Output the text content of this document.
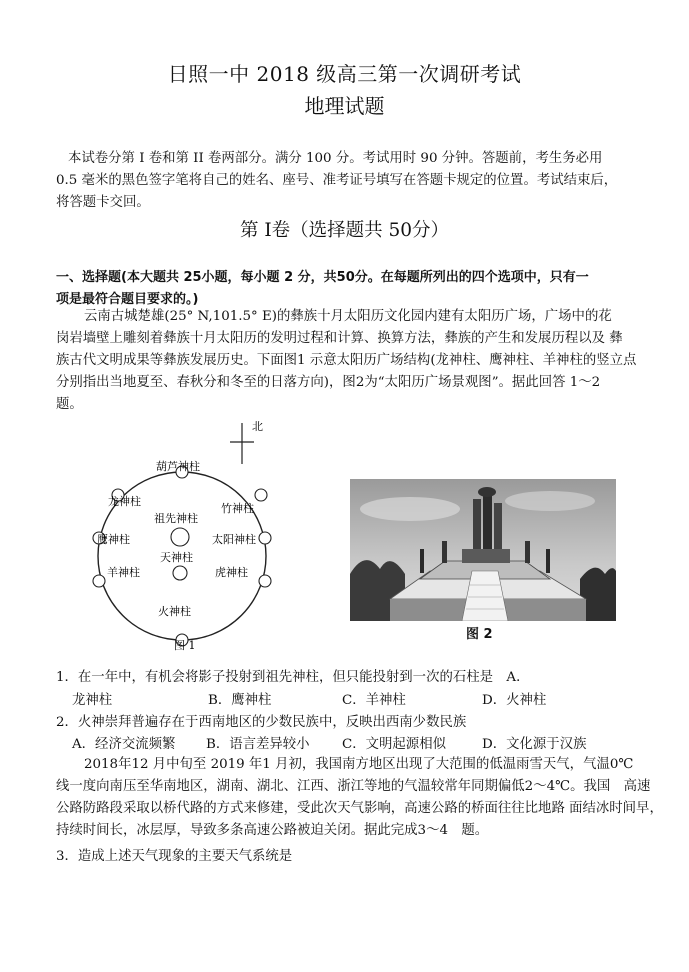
日照一中 2018 级高三第一次调研考试
地理试题
本试卷分第 I 卷和第 II 卷两部分。满分 100 分。考试用时 90 分钟。答题前，考生务必用
0.5 毫米的黑色签字笔将自己的姓名、座号、准考证号填写在答题卡规定的位置。考试结束后，
将答题卡交回。
第 I卷（选择题共 50分）
一、选择题(本大题共 25小题，每小题 2 分，共50分。在每题所列出的四个选项中，只有一
项是最符合题目要求的。)
云南古城楚雄(25° N,101.5° E)的彝族十月太阳历文化园内建有太阳历广场，广场中的花
岗岩墙壁上雕刻着彝族十月太阳历的发明过程和计算、换算方法，彝族的产生和发展历程以及 彝
族古代文明成果等彝族发展历史。下面图1 示意太阳历广场结构(龙神柱、鹰神柱、羊神柱的竖立点
分别指出当地夏至、春秋分和冬至的日落方向)，图2为“太阳历广场景观图”。据此回答 1～2
题。
北
葫芦神柱
龙神柱
鹰神柱
羊神柱
竹神柱
太阳神柱
虎神柱
火神柱
祖先神柱
天神柱
图 1
图 2
1．在一年中，有机会将影子投射到祖先神柱，但只能投射到一次的石柱是　A．
龙神柱	B．鹰神柱	C．羊神柱	D．火神柱
2．火神崇拜普遍存在于西南地区的少数民族中，反映出西南少数民族
A．经济交流频繁 B．语言差异较小 C．文明起源相似	D．文化源于汉族
2018年12 月中旬至 2019 年1 月初，我国南方地区出现了大范围的低温雨雪天气，气温0℃
线一度向南压至华南地区，湖南、湖北、江西、浙江等地的气温较常年同期偏低2～4℃。我国　高速
公路防路段采取以桥代路的方式来修建，受此次天气影响，高速公路的桥面往往比地路 面结冰时间早，
持续时间长，冰层厚，导致多条高速公路被迫关闭。据此完成3～4　题。
3．造成上述天气现象的主要天气系统是
